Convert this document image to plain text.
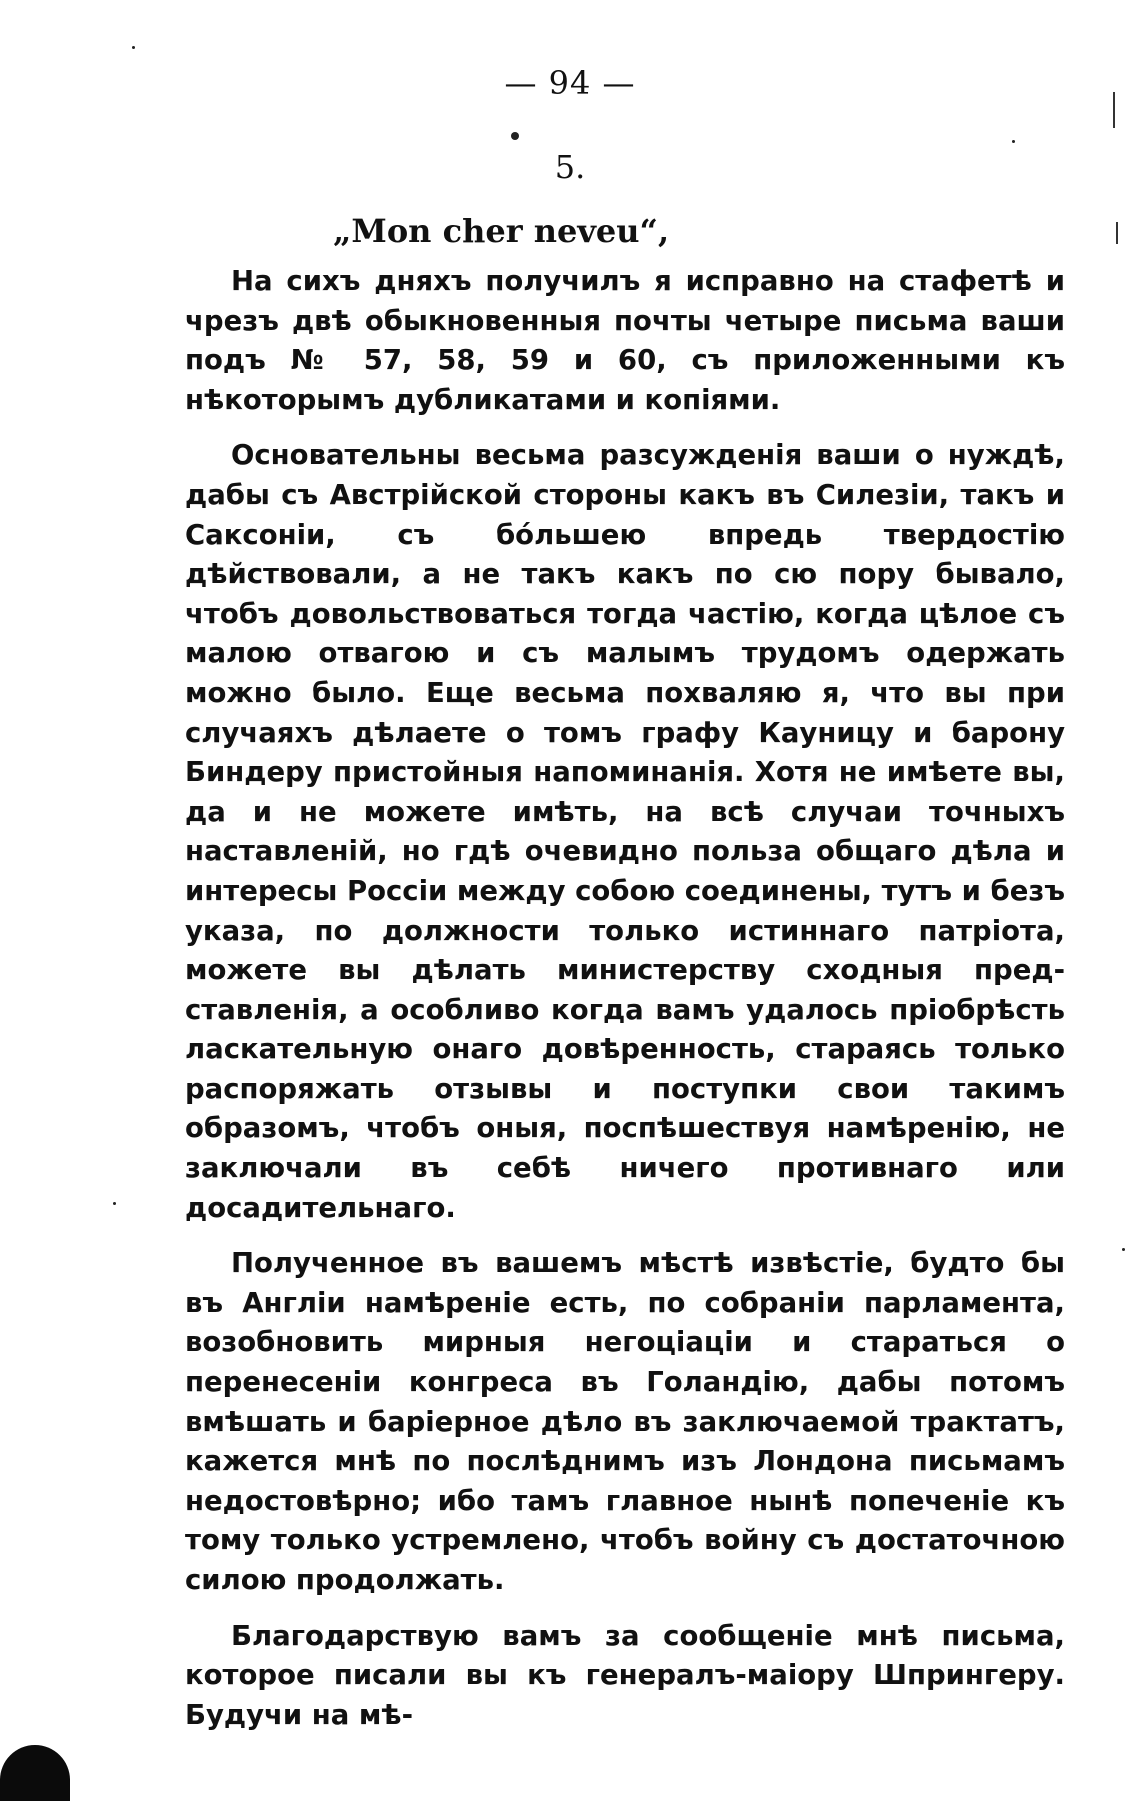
— 94 —
5.
„Mon cher neveu“,

На сихъ дняхъ получилъ я исправно на стафетѣ и чрезъ двѣ обыкновенныя почты четыре письма ваши подъ № 57, 58, 59 и 60, съ приложенными къ нѣкоторымъ дубликатами и копіями.

Основательны весьма разсужденія ваши о нуждѣ, дабы съ Австрійской стороны какъ въ Силезіи, такъ и Саксоніи, съ бо́льшею впредь твердостію дѣйствовали, а не такъ какъ по сю пору бывало, чтобъ довольствоваться тогда частію, когда цѣлое съ малою отвагою и съ малымъ трудомъ одержать можно было. Еще весьма похваляю я, что вы при случаяхъ дѣлаете о томъ графу Кауницу и барону Биндеру пристойныя напоминанія. Хотя не имѣете вы, да и не можете имѣть, на всѣ случаи точныхъ наставленій, но гдѣ очевидно польза общаго дѣла и интересы Россіи между собою соединены, тутъ и безъ указа, по должности только истиннаго патріота, можете вы дѣлать министерству сходныя представленія, а особливо когда вамъ удалось пріобрѣсть ласкательную онаго довѣренность, стараясь только распоряжать отзывы и поступки свои такимъ образомъ, чтобъ оныя, поспѣшествуя намѣренію, не заключали въ себѣ ничего противнаго или досадительнаго.

Полученное въ вашемъ мѣстѣ извѣстіе, будто бы въ Англіи намѣреніе есть, по собраніи парламента, возобновить мирныя негоціаціи и стараться о перенесеніи конгреса въ Голандію, дабы потомъ вмѣшать и баріерное дѣло въ заключаемой трактатъ, кажется мнѣ по послѣднимъ изъ Лондона письмамъ недостовѣрно; ибо тамъ главное нынѣ попеченіе къ тому только устремлено, чтобъ войну съ достаточною силою продолжать.

Благодарствую вамъ за сообщеніе мнѣ письма, которое писали вы къ генералъ-маіору Шпрингеру. Будучи на мѣ-
